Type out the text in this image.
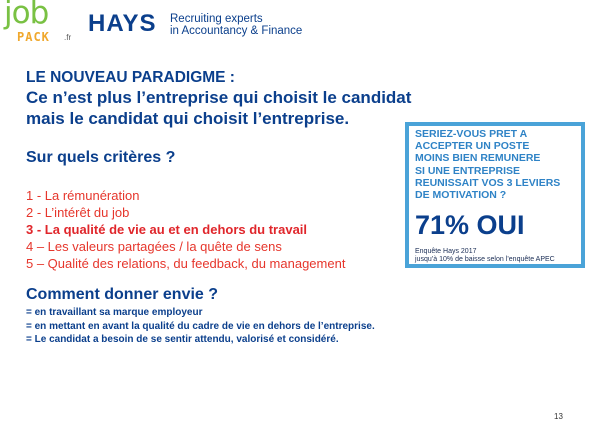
job
PACK .fr
HAYS Recruiting experts
in Accountancy & Finance
LE NOUVEAU PARADIGME :
Ce n’est plus l’entreprise qui choisit le candidat
mais le candidat qui choisit l’entreprise.
Sur quels critères ?
1 - La rémunération
2 - L’intérêt du job
3 - La qualité de vie au et en dehors du travail
4 – Les valeurs partagées / la quête de sens
5 – Qualité des relations, du feedback, du management
Comment donner envie ?
= en travaillant sa marque employeur
= en mettant en avant la qualité du cadre de vie en dehors de l’entreprise.
= Le candidat a besoin de se sentir attendu, valorisé et considéré.
SERIEZ-VOUS PRET A
ACCEPTER UN POSTE
MOINS BIEN REMUNERE
SI UNE ENTREPRISE
REUNISSAIT VOS 3 LEVIERS
DE MOTIVATION ?
71% OUI
Enquête Hays 2017
jusqu’à 10% de baisse selon l’enquête APEC
13
